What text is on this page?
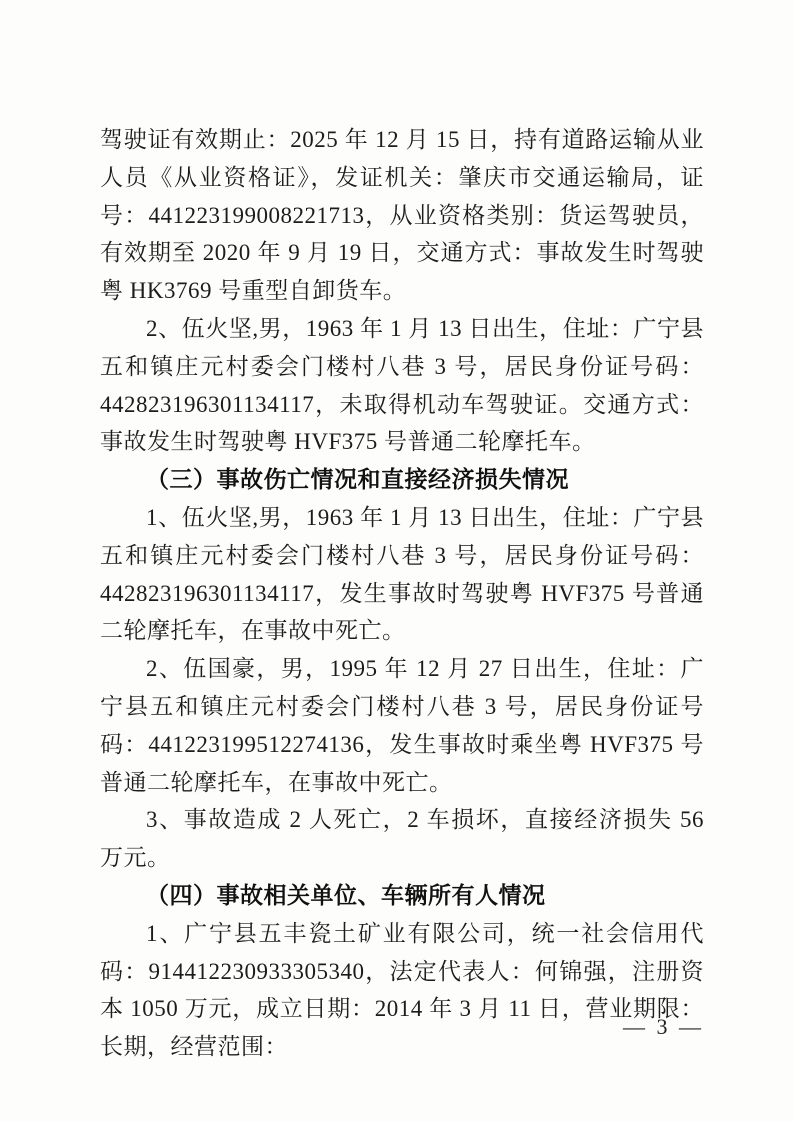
驾驶证有效期止：2025 年 12 月 15 日，持有道路运输从业人员《从业资格证》，发证机关：肇庆市交通运输局，证号：441223199008221713，从业资格类别：货运驾驶员，有效期至 2020 年 9 月 19 日，交通方式：事故发生时驾驶粤 HK3769 号重型自卸货车。

2、伍火坚,男，1963 年 1 月 13 日出生，住址：广宁县五和镇庄元村委会门楼村八巷 3 号，居民身份证号码：442823196301134117，未取得机动车驾驶证。交通方式：事故发生时驾驶粤 HVF375 号普通二轮摩托车。

（三）事故伤亡情况和直接经济损失情况

1、伍火坚,男，1963 年 1 月 13 日出生，住址：广宁县五和镇庄元村委会门楼村八巷 3 号，居民身份证号码：442823196301134117，发生事故时驾驶粤 HVF375 号普通二轮摩托车，在事故中死亡。

2、伍国豪，男，1995 年 12 月 27 日出生，住址：广宁县五和镇庄元村委会门楼村八巷 3 号，居民身份证号码：441223199512274136，发生事故时乘坐粤 HVF375 号普通二轮摩托车，在事故中死亡。

3、事故造成 2 人死亡，2 车损坏，直接经济损失 56 万元。

（四）事故相关单位、车辆所有人情况

1、广宁县五丰瓷土矿业有限公司，统一社会信用代码：914412230933305340，法定代表人：何锦强，注册资本 1050 万元，成立日期：2014 年 3 月 11 日，营业期限：长期，经营范围：

— 3 —
